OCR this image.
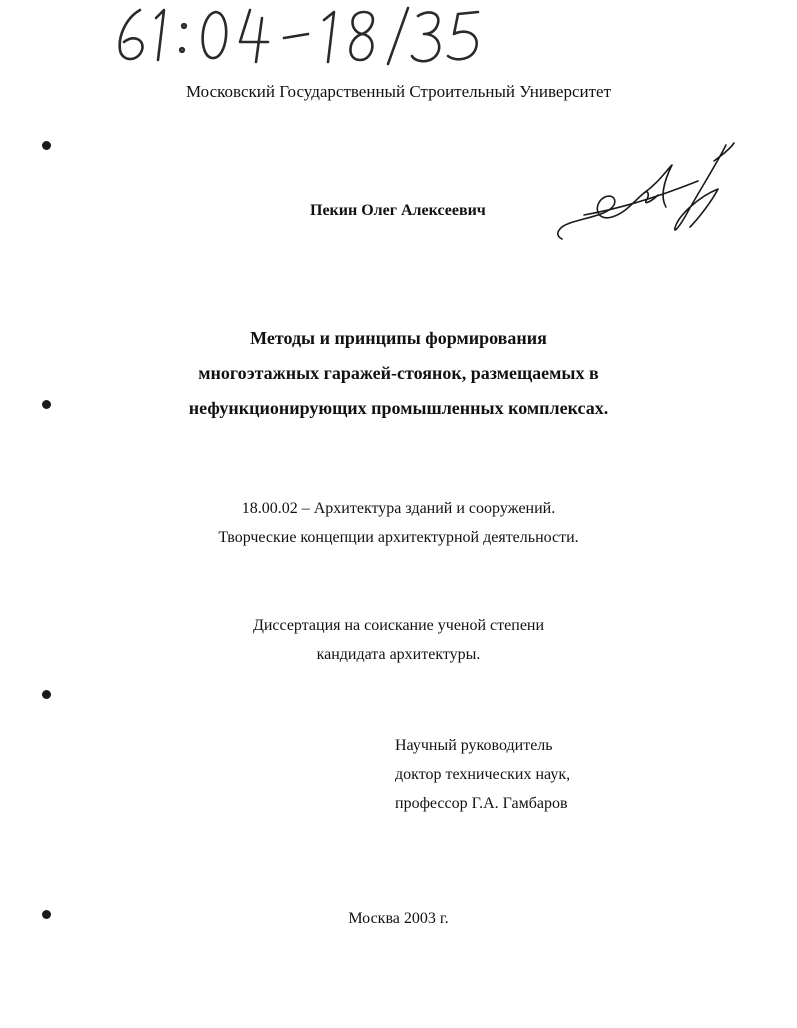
Московский Государственный Строительный Университет
Пекин Олег Алексеевич
Методы и принципы формирования
многоэтажных гаражей-стоянок, размещаемых в
нефункционирующих промышленных комплексах.
18.00.02 – Архитектура зданий и сооружений.
Творческие концепции архитектурной деятельности.
Диссертация на соискание ученой степени
кандидата архитектуры.
Научный руководитель
доктор технических наук,
профессор Г.А. Гамбаров
Москва 2003 г.
